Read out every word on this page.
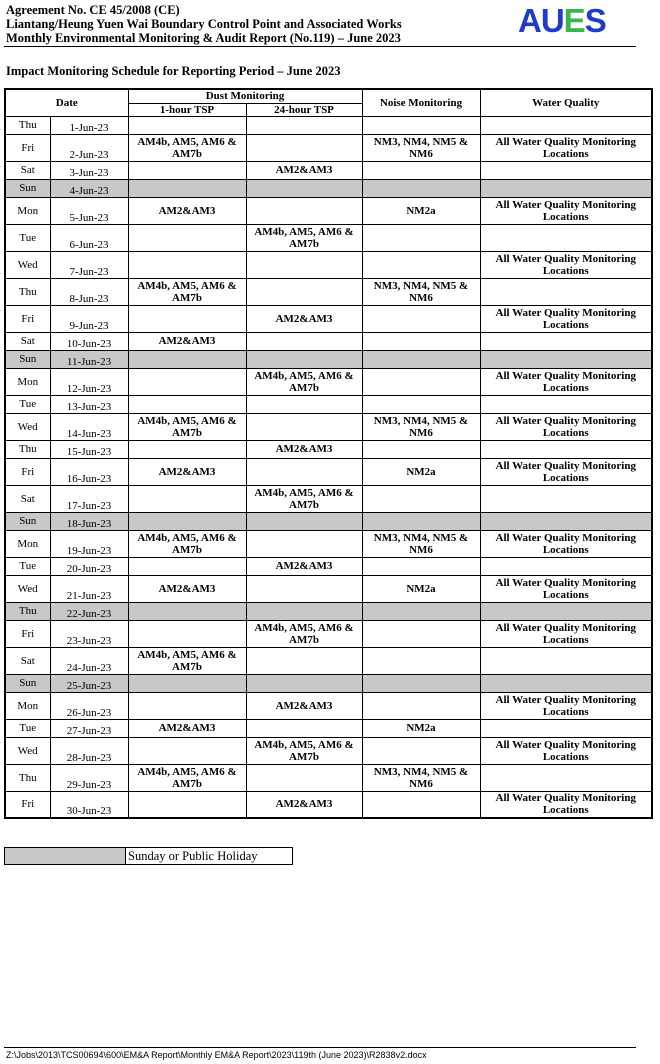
Agreement No. CE 45/2008 (CE)
Liantang/Heung Yuen Wai Boundary Control Point and Associated Works
Monthly Environmental Monitoring & Audit Report (No.119) – June 2023	AUES
Impact Monitoring Schedule for Reporting Period – June 2023
Date		Dust Monitoring		Noise Monitoring	Water Quality
		1-hour TSP	24-hour TSP		
Thu	1-Jun-23				
Fri	2-Jun-23	AM4b, AM5, AM6 & AM7b		NM3, NM4, NM5 & NM6	All Water Quality Monitoring Locations
Sat	3-Jun-23		AM2&AM3		
Sun	4-Jun-23				
Mon	5-Jun-23	AM2&AM3		NM2a	All Water Quality Monitoring Locations
Tue	6-Jun-23		AM4b, AM5, AM6 & AM7b		
Wed	7-Jun-23				All Water Quality Monitoring Locations
Thu	8-Jun-23	AM4b, AM5, AM6 & AM7b		NM3, NM4, NM5 & NM6	
Fri	9-Jun-23		AM2&AM3		All Water Quality Monitoring Locations
Sat	10-Jun-23	AM2&AM3			
Sun	11-Jun-23				
Mon	12-Jun-23		AM4b, AM5, AM6 & AM7b		All Water Quality Monitoring Locations
Tue	13-Jun-23				
Wed	14-Jun-23	AM4b, AM5, AM6 & AM7b		NM3, NM4, NM5 & NM6	All Water Quality Monitoring Locations
Thu	15-Jun-23		AM2&AM3		
Fri	16-Jun-23	AM2&AM3		NM2a	All Water Quality Monitoring Locations
Sat	17-Jun-23		AM4b, AM5, AM6 & AM7b		
Sun	18-Jun-23				
Mon	19-Jun-23	AM4b, AM5, AM6 & AM7b		NM3, NM4, NM5 & NM6	All Water Quality Monitoring Locations
Tue	20-Jun-23		AM2&AM3		
Wed	21-Jun-23	AM2&AM3		NM2a	All Water Quality Monitoring Locations
Thu	22-Jun-23				
Fri	23-Jun-23		AM4b, AM5, AM6 & AM7b		All Water Quality Monitoring Locations
Sat	24-Jun-23	AM4b, AM5, AM6 & AM7b			
Sun	25-Jun-23				
Mon	26-Jun-23		AM2&AM3		All Water Quality Monitoring Locations
Tue	27-Jun-23	AM2&AM3		NM2a	
Wed	28-Jun-23		AM4b, AM5, AM6 & AM7b		All Water Quality Monitoring Locations
Thu	29-Jun-23	AM4b, AM5, AM6 & AM7b		NM3, NM4, NM5 & NM6	
Fri	30-Jun-23		AM2&AM3		All Water Quality Monitoring Locations
Sunday or Public Holiday
Z:\Jobs\2013\TCS00694\600\EM&A Report\Monthly EM&A Report\2023\119th (June 2023)\R2838v2.docx
